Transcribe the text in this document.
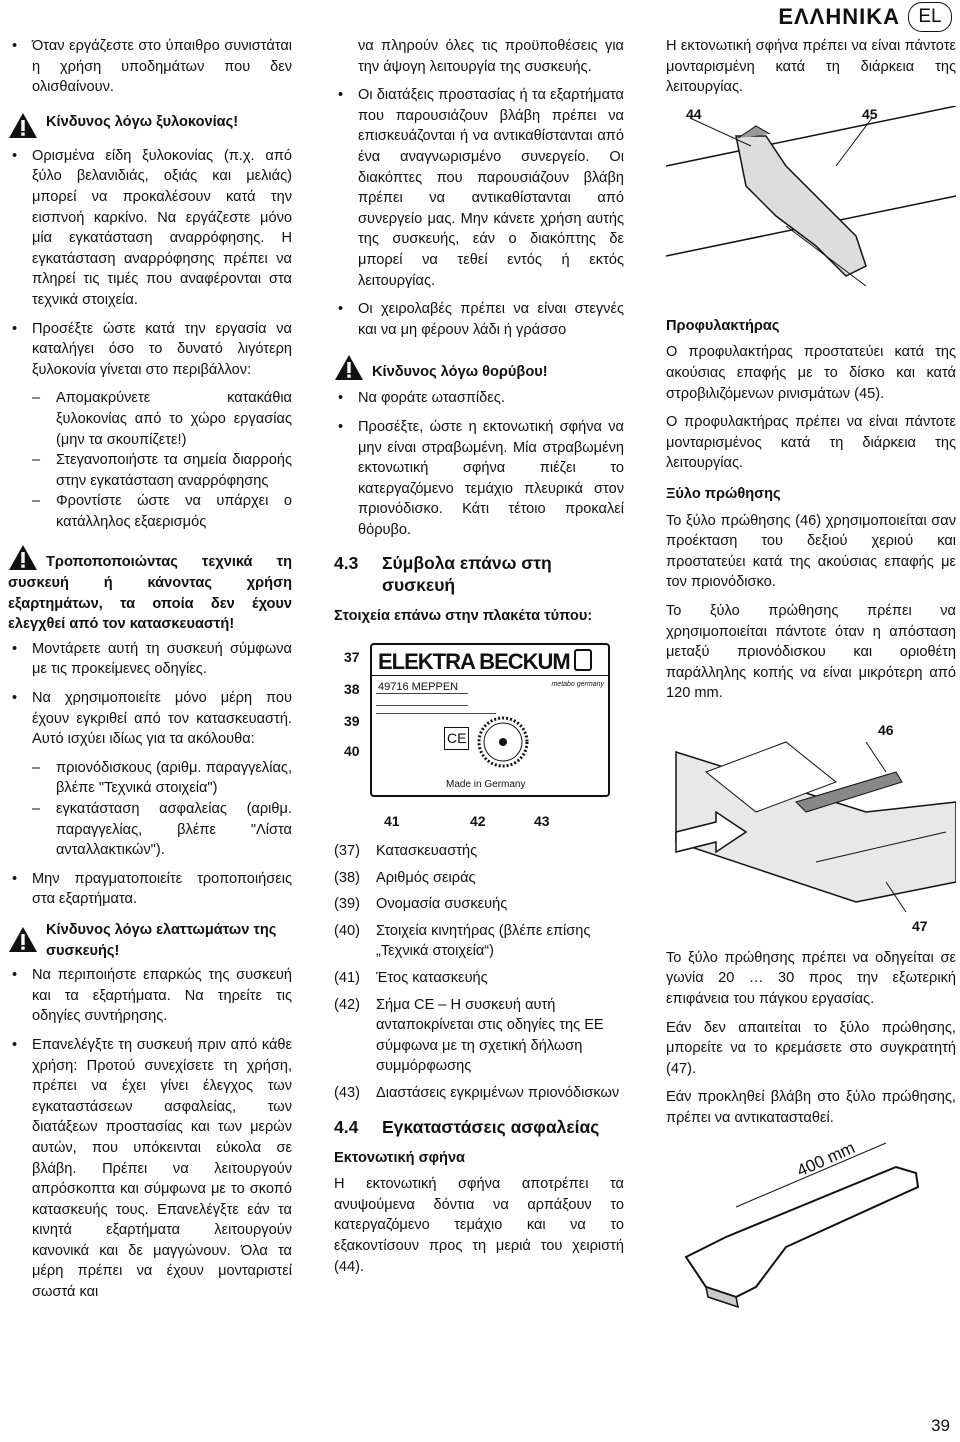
ΕΛΛΗΝΙΚΑ EL
• Όταν εργάζεστε στο ύπαιθρο συνιστάται η χρήση υποδημάτων που δεν ολισθαίνουν.
Κίνδυνος λόγω ξυλοκονίας!
• Ορισμένα είδη ξυλοκονίας (π.χ. από ξύλο βελανιδιάς, οξιάς και μελιάς) μπορεί να προκαλέσουν κατά την εισπνοή καρκίνο. Να εργάζεστε μόνο μία εγκατάσταση αναρρόφησης. Η εγκατάσταση αναρρόφησης πρέπει να πληρεί τις τιμές που αναφέρονται στα τεχνικά στοιχεία.
• Προσέξτε ώστε κατά την εργασία να καταλήγει όσο το δυνατό λιγότερη ξυλοκονία γίνεται στο περιβάλλον:
– Απομακρύνετε κατακάθια ξυλοκονίας από το χώρο εργασίας (μην τα σκουπίζετε!)
– Στεγανοποιήστε τα σημεία διαρροής στην εγκατάσταση αναρρόφησης
– Φροντίστε ώστε να υπάρχει ο κατάλληλος εξαερισμός
Τροποποποιώντας τεχνικά τη συσκευή ή κάνοντας χρήση εξαρτημάτων, τα οποία δεν έχουν ελεγχθεί από τον κατασκευαστή!
• Μοντάρετε αυτή τη συσκευή σύμφωνα με τις προκείμενες οδηγίες.
• Να χρησιμοποιείτε μόνο μέρη που έχουν εγκριθεί από τον κατασκευαστή. Αυτό ισχύει ιδίως για τα ακόλουθα:
– πριονόδισκους (αριθμ. παραγγελίας, βλέπε "Τεχνικά στοιχεία")
– εγκατάσταση ασφαλείας (αριθμ. παραγγελίας, βλέπε "Λίστα ανταλλακτικών").
• Μην πραγματοποιείτε τροποποιήσεις στα εξαρτήματα.
Κίνδυνος λόγω ελαττωμάτων της συσκευής!
• Να περιποιήστε επαρκώς της συσκευή και τα εξαρτήματα. Να τηρείτε τις οδηγίες συντήρησης.
• Επανελέγξτε τη συσκευή πριν από κάθε χρήση: Προτού συνεχίσετε τη χρήση, πρέπει να έχει γίνει έλεγχος των εγκαταστάσεων ασφαλείας, των διατάξεων προστασίας και των μερών αυτών, που υπόκεινται εύκολα σε βλάβη. Πρέπει να λειτουργούν απρόσκοπτα και σύμφωνα με το σκοπό κατασκευής τους. Επανελέγξτε εάν τα κινητά εξαρτήματα λειτουργούν κανονικά και δε μαγγώνουν. Όλα τα μέρη πρέπει να έχουν μονταριστεί σωστά και
να πληρούν όλες τις προϋποθέσεις για την άψογη λειτουργία της συσκευής.
• Οι διατάξεις προστασίας ή τα εξαρτήματα που παρουσιάζουν βλάβη πρέπει να επισκευάζονται ή να αντικαθίστανται από ένα αναγνωρισμένο συνεργείο. Οι διακόπτες που παρουσιάζουν βλάβη πρέπει να αντικαθίστανται από συνεργείο μας. Μην κάνετε χρήση αυτής της συσκευής, εάν ο διακόπτης δε μπορεί να τεθεί εντός ή εκτός λειτουργίας.
• Οι χειρολαβές πρέπει να είναι στεγνές και να μη φέρουν λάδι ή γράσσο
Κίνδυνος λόγω θορύβου!
• Να φοράτε ωτασπίδες.
• Προσέξτε, ώστε η εκτονωτική σφήνα να μην είναι στραβωμένη. Μία στραβωμένη εκτονωτική σφήνα πιέζει το κατεργαζόμενο τεμάχιο πλευρικά στον πριονόδισκο. Κάτι τέτοιο προκαλεί θόρυβο.
4.3	Σύμβολα επάνω στη συσκευή
Στοιχεία επάνω στην πλακέτα τύπου:
ELEKTRA BECKUM
metabo germany
49716 MEPPEN
CE
Made in Germany
37
38
39
40
41	42	43
(37)	Κατασκευαστής
(38)	Αριθμός σειράς
(39)	Ονομασία συσκευής
(40)	Στοιχεία κινητήρας (βλέπε επίσης „Τεχνικά στοιχεία“)
(41)	Έτος κατασκευής
(42)	Σήμα CE – Η συσκευή αυτή ανταποκρίνεται στις οδηγίες της ΕΕ σύμφωνα με τη σχετική δήλωση συμμόρφωσης
(43)	Διαστάσεις εγκριμένων πριονόδισκων
4.4	Εγκαταστάσεις ασφαλείας
Εκτονωτική σφήνα
Η εκτονωτική σφήνα αποτρέπει τα ανυψούμενα δόντια να αρπάξουν το κατεργαζόμενο τεμάχιο και να το εξακοντίσουν προς τη μεριά του χειριστή (44).
Η εκτονωτική σφήνα πρέπει να είναι πάντοτε μονταρισμένη κατά τη διάρκεια της λειτουργίας.
44	45
Προφυλακτήρας
Ο προφυλακτήρας προστατεύει κατά της ακούσιας επαφής με το δίσκο και κατά στροβιλιζόμενων ρινισμάτων (45).
Ο προφυλακτήρας πρέπει να είναι πάντοτε μονταρισμένος κατά τη διάρκεια της λειτουργίας.
Ξύλο πρώθησης
Το ξύλο πρώθησης (46) χρησιμοποιείται σαν προέκταση του δεξιού χεριού και προστατεύει κατά της ακούσιας επαφής με τον πριονόδισκο.
Το ξύλο πρώθησης πρέπει να χρησιμοποιείται πάντοτε όταν η απόσταση μεταξύ πριονόδισκου και οριοθέτη παράλληλης κοπής να είναι μικρότερη από 120 mm.
46
47
Το ξύλο πρώθησης πρέπει να οδηγείται σε γωνία 20 … 30 προς την εξωτερική επιφάνεια του πάγκου εργασίας.
Εάν δεν απαιτείται το ξύλο πρώθησης, μπορείτε να το κρεμάσετε στο συγκρατητή (47).
Εάν προκληθεί βλάβη στο ξύλο πρώθησης, πρέπει να αντικατασταθεί.
400 mm
39
